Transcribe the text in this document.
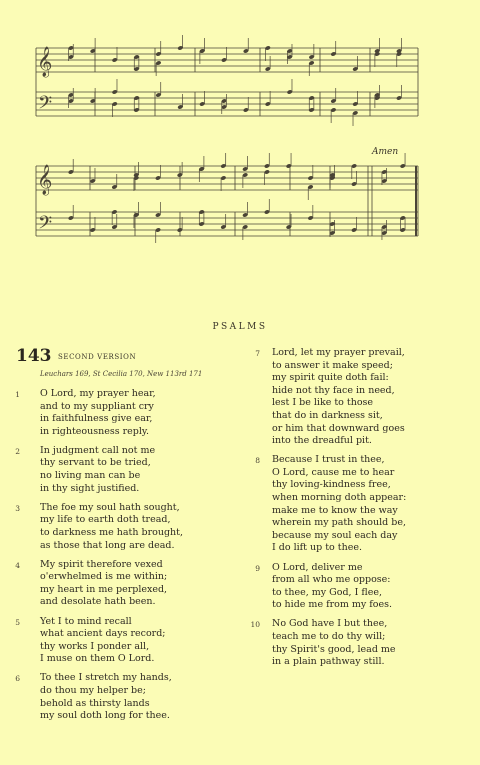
𝄞
𝄢
𝄞
𝄢
Amen
PSALMS
143 SECOND VERSION
Leuchars 169, St Cecilia 170, New 113rd 171
1	O Lord, my prayer hear,
and to my suppliant cry
in faithfulness give ear,
in righteousness reply.
2	In judgment call not me
thy servant to be tried,
no living man can be
in thy sight justified.
3	The foe my soul hath sought,
my life to earth doth tread,
to darkness me hath brought,
as those that long are dead.
4	My spirit therefore vexed
o'erwhelmed is me within;
my heart in me perplexed,
and desolate hath been.
5	Yet I to mind recall
what ancient days record;
thy works I ponder all,
I muse on them O Lord.
6	To thee I stretch my hands,
do thou my helper be;
behold as thirsty lands
my soul doth long for thee.
7	Lord, let my prayer prevail,
to answer it make speed;
my spirit quite doth fail:
hide not thy face in need,
lest I be like to those
that do in darkness sit,
or him that downward goes
into the dreadful pit.
8	Because I trust in thee,
O Lord, cause me to hear
thy loving-kindness free,
when morning doth appear:
make me to know the way
wherein my path should be,
because my soul each day
I do lift up to thee.
9	O Lord, deliver me
from all who me oppose:
to thee, my God, I flee,
to hide me from my foes.
10	No God have I but thee,
teach me to do thy will;
thy Spirit's good, lead me
in a plain pathway still.
